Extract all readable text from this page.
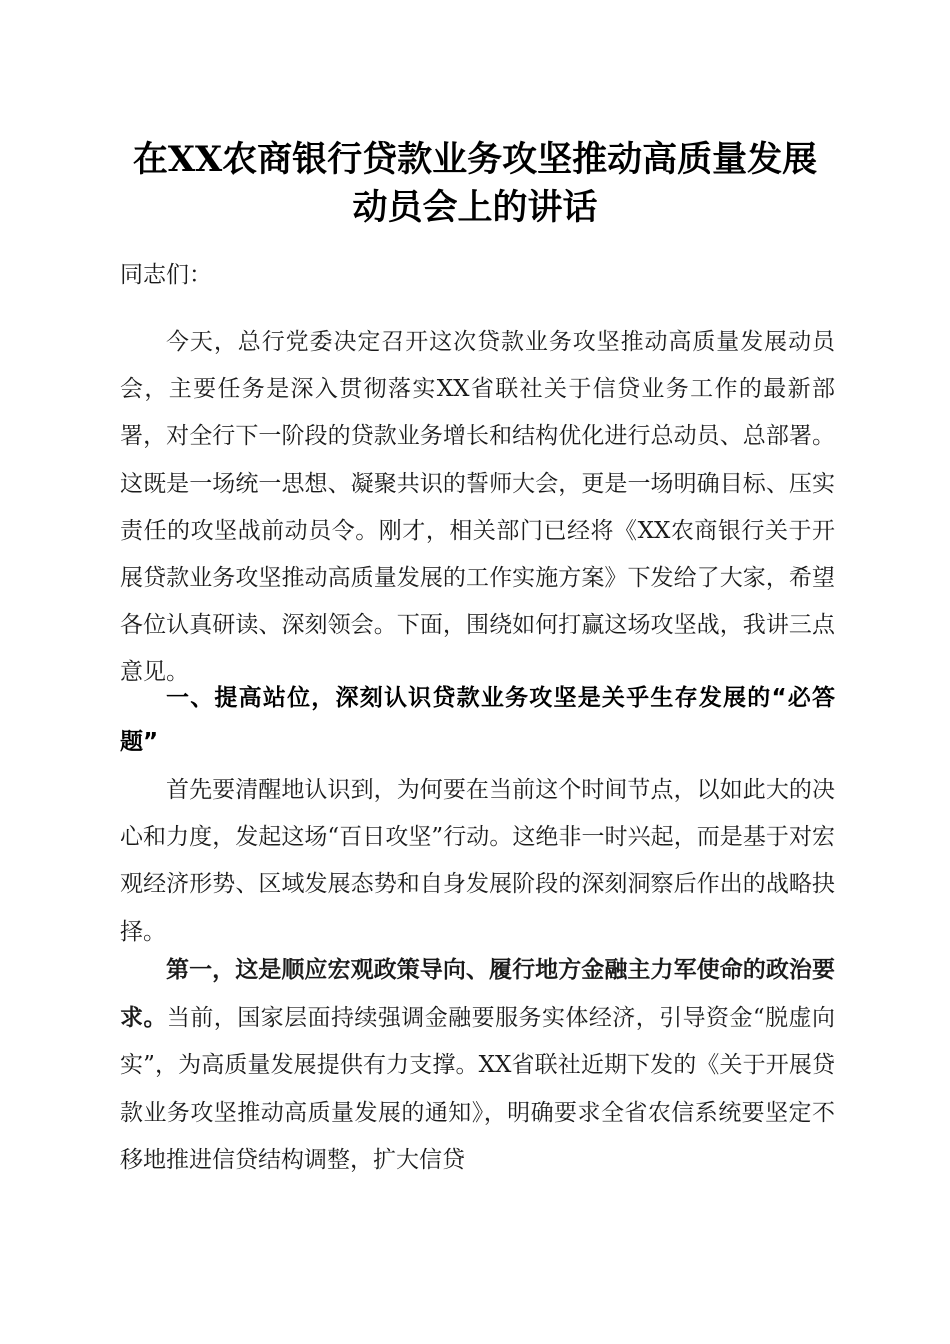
在XX农商银行贷款业务攻坚推动高质量发展
动员会上的讲话

同志们：

今天，总行党委决定召开这次贷款业务攻坚推动高质量发展动员会，主要任务是深入贯彻落实XX省联社关于信贷业务工作的最新部署，对全行下一阶段的贷款业务增长和结构优化进行总动员、总部署。这既是一场统一思想、凝聚共识的誓师大会，更是一场明确目标、压实责任的攻坚战前动员令。刚才，相关部门已经将《XX农商银行关于开展贷款业务攻坚推动高质量发展的工作实施方案》下发给了大家，希望各位认真研读、深刻领会。下面，围绕如何打赢这场攻坚战，我讲三点意见。

一、提高站位，深刻认识贷款业务攻坚是关乎生存发展的“必答题”

首先要清醒地认识到，为何要在当前这个时间节点，以如此大的决心和力度，发起这场“百日攻坚”行动。这绝非一时兴起，而是基于对宏观经济形势、区域发展态势和自身发展阶段的深刻洞察后作出的战略抉择。

第一，这是顺应宏观政策导向、履行地方金融主力军使命的政治要求。当前，国家层面持续强调金融要服务实体经济，引导资金“脱虚向实”，为高质量发展提供有力支撑。XX省联社近期下发的《关于开展贷款业务攻坚推动高质量发展的通知》，明确要求全省农信系统要坚定不移地推进信贷结构调整，扩大信贷
